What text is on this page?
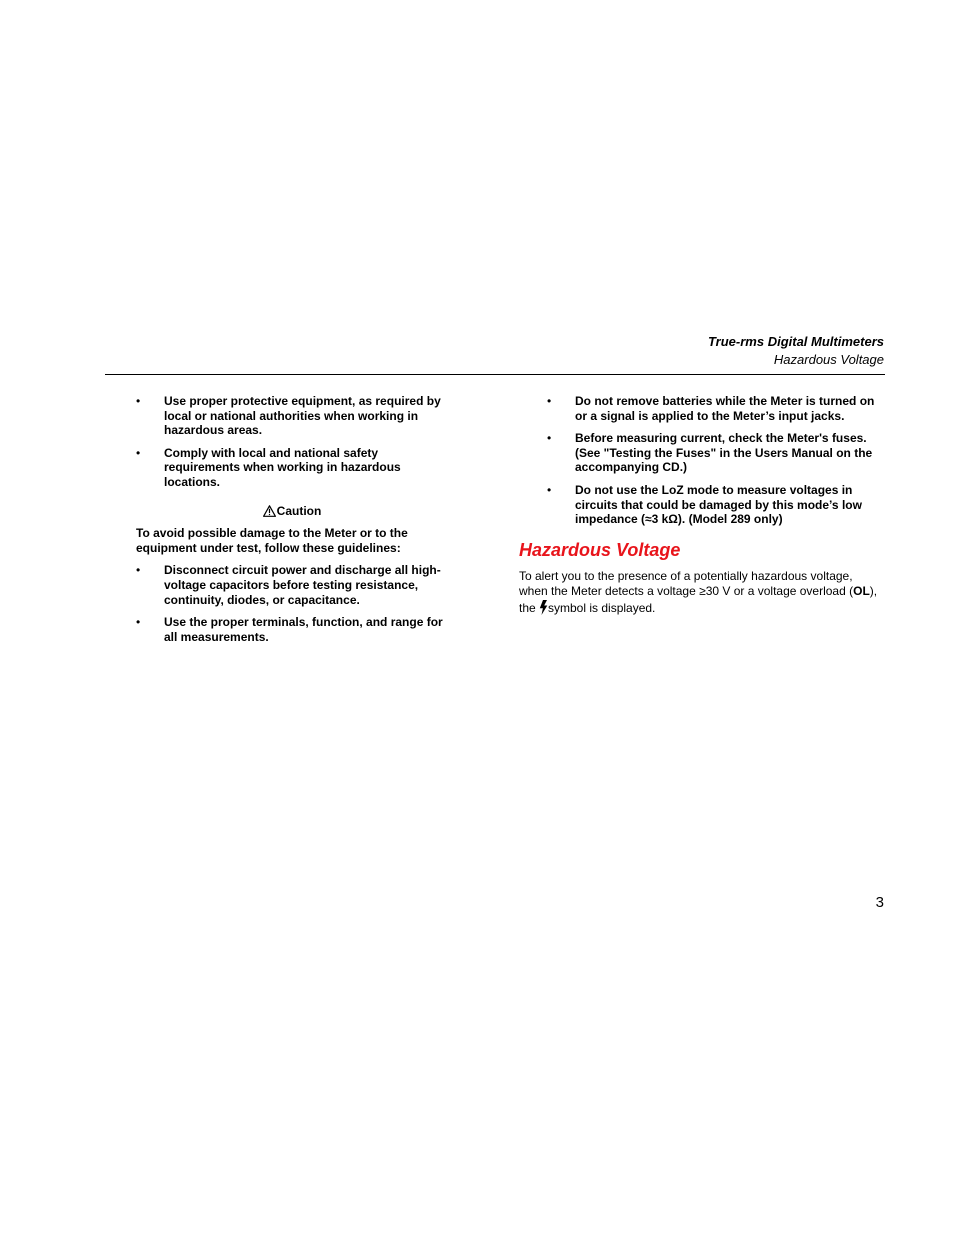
True-rms Digital Multimeters
Hazardous Voltage
• Use proper protective equipment, as required by local or national authorities when working in hazardous areas.
• Comply with local and national safety requirements when working in hazardous locations.
Caution

To avoid possible damage to the Meter or to the equipment under test, follow these guidelines:

• Disconnect circuit power and discharge all high-voltage capacitors before testing resistance, continuity, diodes, or capacitance.
• Use the proper terminals, function, and range for all measurements.
• Do not remove batteries while the Meter is turned on or a signal is applied to the Meter’s input jacks.
• Before measuring current, check the Meter's fuses. (See "Testing the Fuses" in the Users Manual on the accompanying CD.)
• Do not use the LoZ mode to measure voltages in circuits that could be damaged by this mode’s low impedance (≈3 kΩ). (Model 289 only)
Hazardous Voltage

To alert you to the presence of a potentially hazardous voltage, when the Meter detects a voltage ≥30 V or a voltage overload (OL), the symbol is displayed.

3
